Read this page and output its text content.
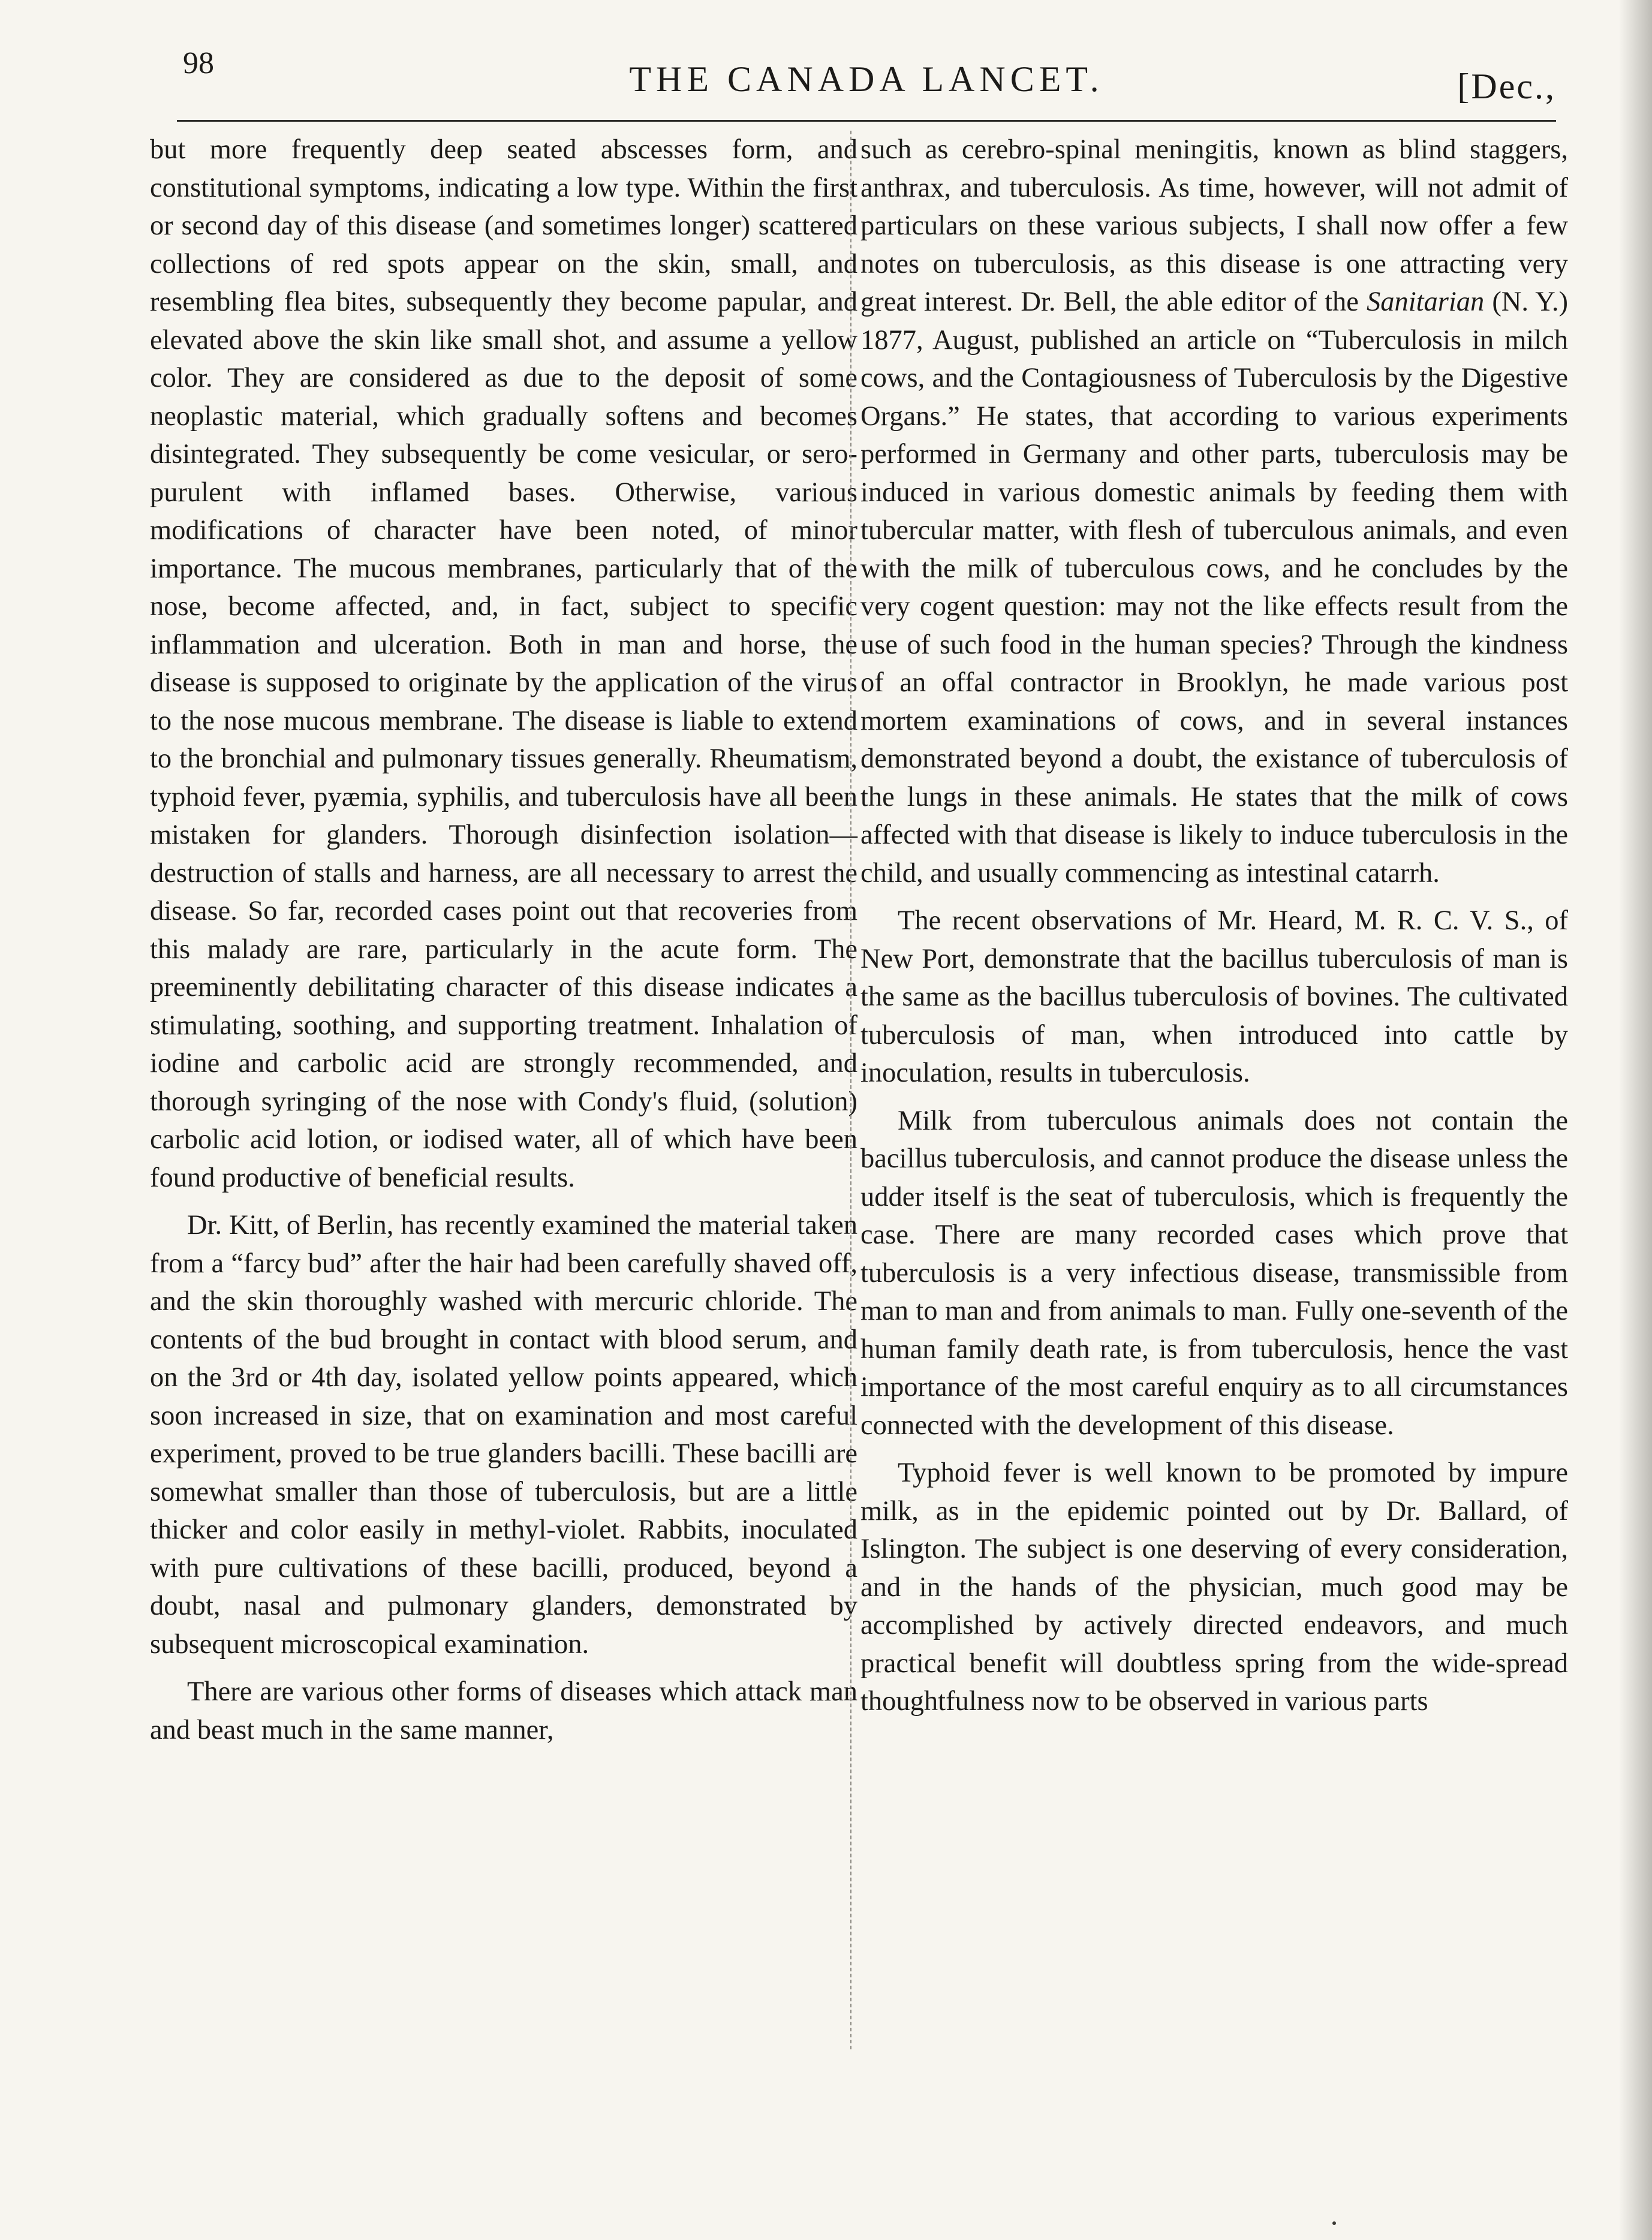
98	THE CANADA LANCET.	[Dec.,

but more frequently deep seated abscesses form, and constitutional symptoms, indicating a low type. Within the first or second day of this disease (and sometimes longer) scattered collections of red spots appear on the skin, small, and resembling flea bites, subsequently they become papular, and elevated above the skin like small shot, and assume a yellow color. They are considered as due to the deposit of some neoplastic material, which gradually softens and becomes disintegrated. They subsequently be come vesicular, or sero-purulent with inflamed bases. Otherwise, various modifications of character have been noted, of minor importance. The mucous membranes, particularly that of the nose, become affected, and, in fact, subject to specific inflammation and ulceration. Both in man and horse, the disease is supposed to originate by the application of the virus to the nose mucous membrane. The disease is liable to extend to the bronchial and pulmonary tissues generally. Rheumatism, typhoid fever, pyæmia, syphilis, and tuberculosis have all been mistaken for glanders. Thorough disinfection isolation—destruction of stalls and harness, are all necessary to arrest the disease. So far, recorded cases point out that recoveries from this malady are rare, particularly in the acute form. The preeminently debilitating character of this disease indicates a stimulating, soothing, and supporting treatment. Inhalation of iodine and carbolic acid are strongly recommended, and thorough syringing of the nose with Condy's fluid, (solution) carbolic acid lotion, or iodised water, all of which have been found productive of beneficial results.

Dr. Kitt, of Berlin, has recently examined the material taken from a “farcy bud” after the hair had been carefully shaved off, and the skin thoroughly washed with mercuric chloride. The contents of the bud brought in contact with blood serum, and on the 3rd or 4th day, isolated yellow points appeared, which soon increased in size, that on examination and most careful experiment, proved to be true glanders bacilli. These bacilli are somewhat smaller than those of tuberculosis, but are a little thicker and color easily in methyl-violet. Rabbits, inoculated with pure cultivations of these bacilli, produced, beyond a doubt, nasal and pulmonary glanders, demonstrated by subsequent microscopical examination.

There are various other forms of diseases which attack man and beast much in the same manner,

such as cerebro-spinal meningitis, known as blind staggers, anthrax, and tuberculosis. As time, however, will not admit of particulars on these various subjects, I shall now offer a few notes on tuberculosis, as this disease is one attracting very great interest. Dr. Bell, the able editor of the Sanitarian (N. Y.) 1877, August, published an article on “Tuberculosis in milch cows, and the Contagiousness of Tuberculosis by the Digestive Organs.” He states, that according to various experiments performed in Germany and other parts, tuberculosis may be induced in various domestic animals by feeding them with tubercular matter, with flesh of tuberculous animals, and even with the milk of tuberculous cows, and he concludes by the very cogent question: may not the like effects result from the use of such food in the human species? Through the kindness of an offal contractor in Brooklyn, he made various post mortem examinations of cows, and in several instances demonstrated beyond a doubt, the existance of tuberculosis of the lungs in these animals. He states that the milk of cows affected with that disease is likely to induce tuberculosis in the child, and usually commencing as intestinal catarrh.

The recent observations of Mr. Heard, M. R. C. V. S., of New Port, demonstrate that the bacillus tuberculosis of man is the same as the bacillus tuberculosis of bovines. The cultivated tuberculosis of man, when introduced into cattle by inoculation, results in tuberculosis.

Milk from tuberculous animals does not contain the bacillus tuberculosis, and cannot produce the disease unless the udder itself is the seat of tuberculosis, which is frequently the case. There are many recorded cases which prove that tuberculosis is a very infectious disease, transmissible from man to man and from animals to man. Fully one-seventh of the human family death rate, is from tuberculosis, hence the vast importance of the most careful enquiry as to all circumstances connected with the development of this disease.

Typhoid fever is well known to be promoted by impure milk, as in the epidemic pointed out by Dr. Ballard, of Islington. The subject is one deserving of every consideration, and in the hands of the physician, much good may be accomplished by actively directed endeavors, and much practical benefit will doubtless spring from the wide-spread thoughtfulness now to be observed in various parts
